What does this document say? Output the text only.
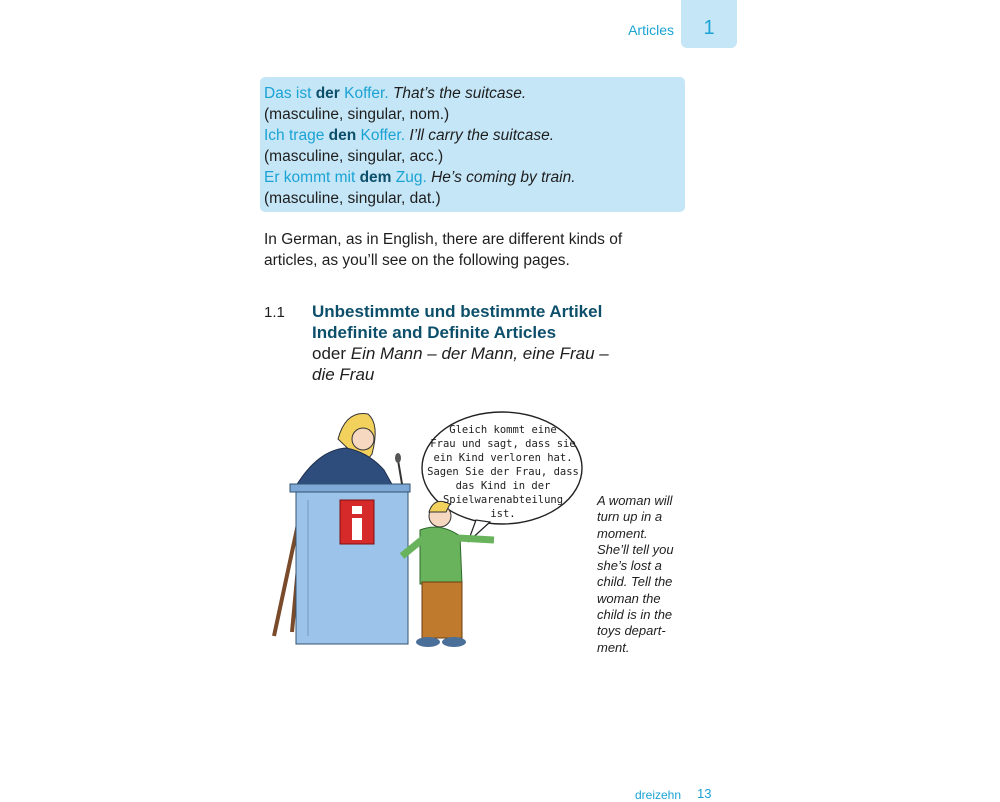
Articles	1
Das ist der Koffer. That’s the suitcase.
(masculine, singular, nom.)
Ich trage den Koffer. I’ll carry the suitcase.
(masculine, singular, acc.)
Er kommt mit dem Zug. He’s coming by train.
(masculine, singular, dat.)
In German, as in English, there are different kinds of articles, as you’ll see on the following pages.
1.1 Unbestimmte und bestimmte Artikel
Indefinite and Definite Articles
oder Ein Mann – der Mann, eine Frau –
die Frau
Gleich kommt eine
Frau und sagt, dass sie
ein Kind verloren hat.
Sagen Sie der Frau, dass
das Kind in der
Spielwarenabteilung
ist.
A woman will
turn up in a
moment.
She’ll tell you
she’s lost a
child. Tell the
woman the
child is in the
toys depart-
ment.
dreizehn 13
